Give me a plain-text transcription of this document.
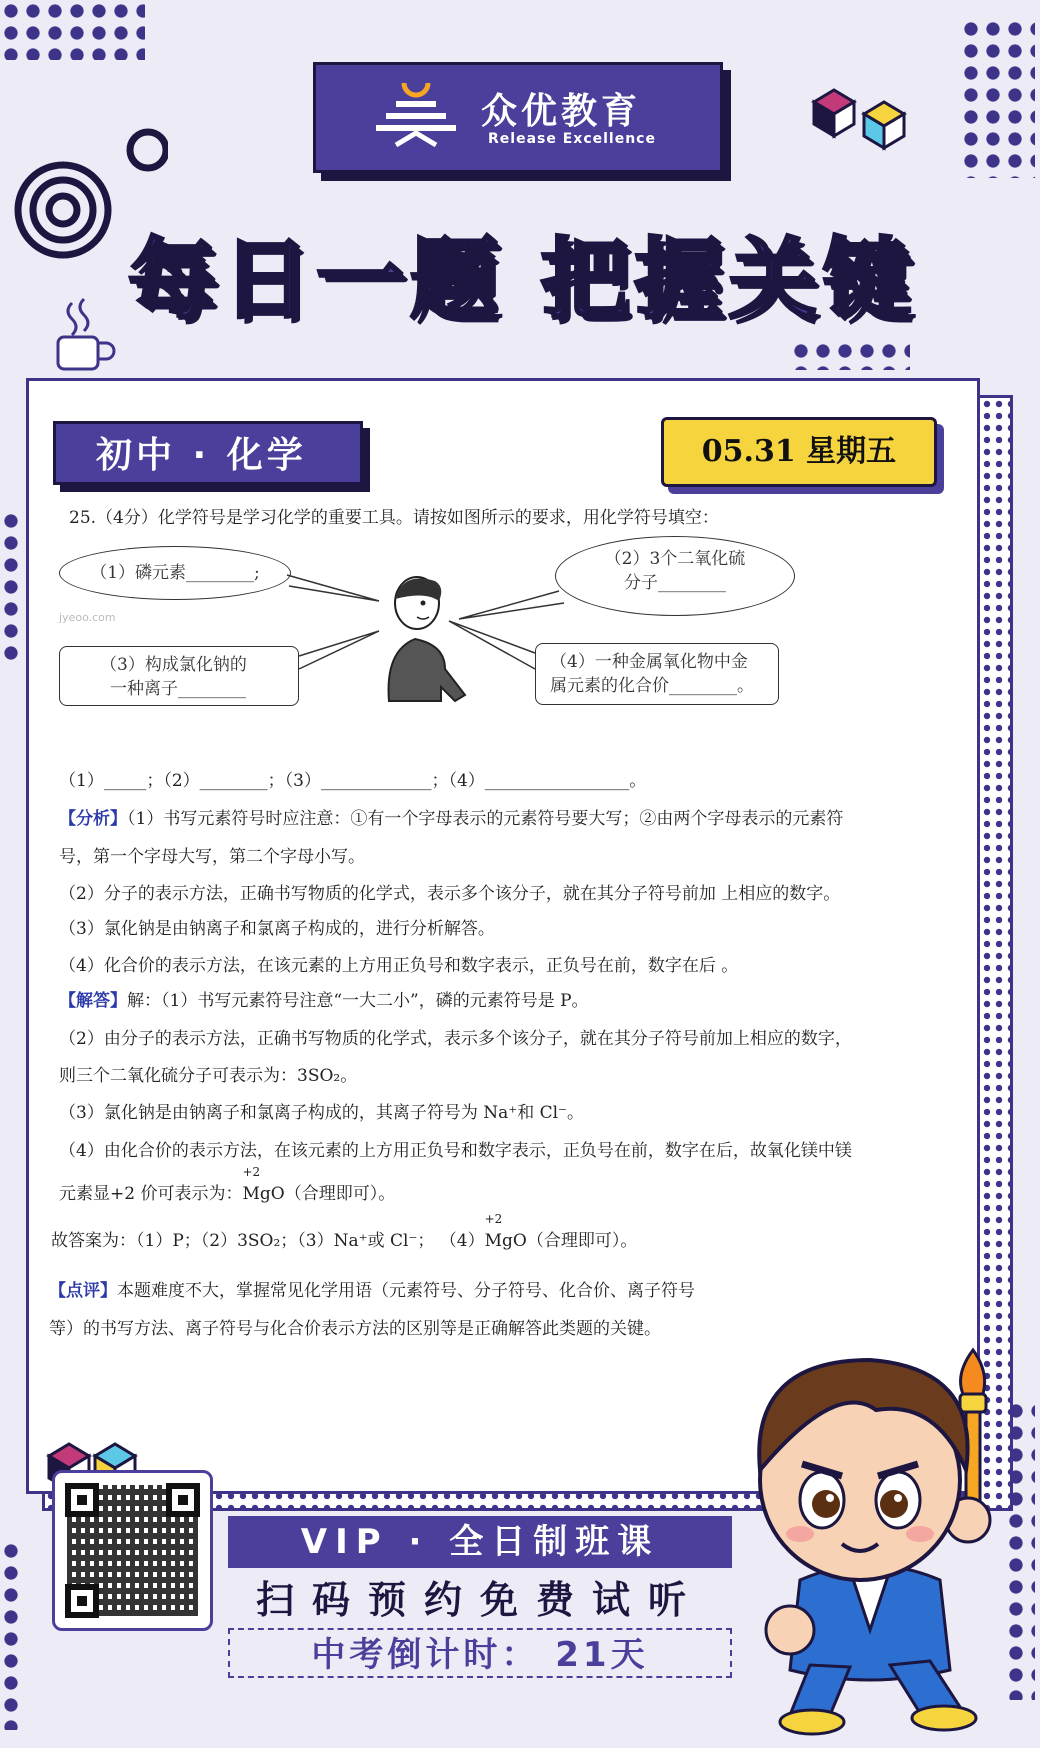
众优教育
Release Excellence
每日一题 把握关键
初中 · 化学	05.31 星期五
25.（4分）化学符号是学习化学的重要工具。请按如图所示的要求，用化学符号填空：
（1）磷元素________;
（2）3个二氧化硫
分子________
（3）构成氯化钠的
一种离子________
（4）一种金属氧化物中金
属元素的化合价________。
jyeoo.com
（1）_____；（2）________；（3）_____________；（4）_________________。
【分析】（1）书写元素符号时应注意：①有一个字母表示的元素符号要大写；②由两个字母表示的元素符
号，第一个字母大写，第二个字母小写。
（2）分子的表示方法，正确书写物质的化学式，表示多个该分子，就在其分子符号前加 上相应的数字。
（3）氯化钠是由钠离子和氯离子构成的，进行分析解答。
（4）化合价的表示方法，在该元素的上方用正负号和数字表示，正负号在前，数字在后 。
【解答】解：（1）书写元素符号注意“一大二小”，磷的元素符号是 P。
（2）由分子的表示方法，正确书写物质的化学式，表示多个该分子，就在其分子符号前加上相应的数字，
则三个二氧化硫分子可表示为：3SO₂。
（3）氯化钠是由钠离子和氯离子构成的，其离子符号为 Na⁺和 Cl⁻。
（4）由化合价的表示方法，在该元素的上方用正负号和数字表示，正负号在前，数字在后，故氧化镁中镁
元素显+2 价可表示为：
+2
MgO（合理即可）。
故答案为：（1）P；（2）3SO₂；（3）Na⁺或 Cl⁻； （4）
+2
MgO（合理即可）。
【点评】本题难度不大，掌握常见化学用语（元素符号、分子符号、化合价、离子符号
等）的书写方法、离子符号与化合价表示方法的区别等是正确解答此类题的关键。
VIP · 全日制班课
扫码预约免费试听
中考倒计时： 21天
